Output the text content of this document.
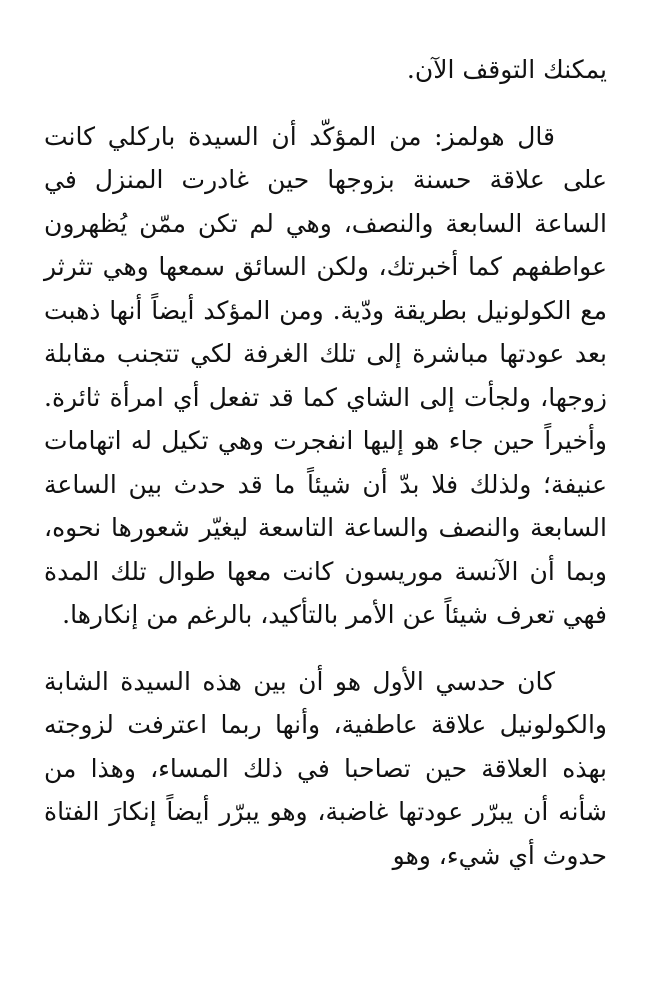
يمكنك التوقف الآن.

قال هولمز: من المؤكّد أن السيدة باركلي كانت على علاقة حسنة بزوجها حين غادرت المنزل في الساعة السابعة والنصف، وهي لم تكن ممّن يُظهرون عواطفهم كما أخبرتك، ولكن السائق سمعها وهي تثرثر مع الكولونيل بطريقة ودّية. ومن المؤكد أيضاً أنها ذهبت بعد عودتها مباشرة إلى تلك الغرفة لكي تتجنب مقابلة زوجها، ولجأت إلى الشاي كما قد تفعل أي امرأة ثائرة. وأخيراً حين جاء هو إليها انفجرت وهي تكيل له اتهامات عنيفة؛ ولذلك فلا بدّ أن شيئاً ما قد حدث بين الساعة السابعة والنصف والساعة التاسعة ليغيّر شعورها نحوه، وبما أن الآنسة موريسون كانت معها طوال تلك المدة فهي تعرف شيئاً عن الأمر بالتأكيد، بالرغم من إنكارها.

كان حدسي الأول هو أن بين هذه السيدة الشابة والكولونيل علاقة عاطفية، وأنها ربما اعترفت لزوجته بهذه العلاقة حين تصاحبا في ذلك المساء، وهذا من شأنه أن يبرّر عودتها غاضبة، وهو يبرّر أيضاً إنكارَ الفتاة حدوث أي شيء، وهو
